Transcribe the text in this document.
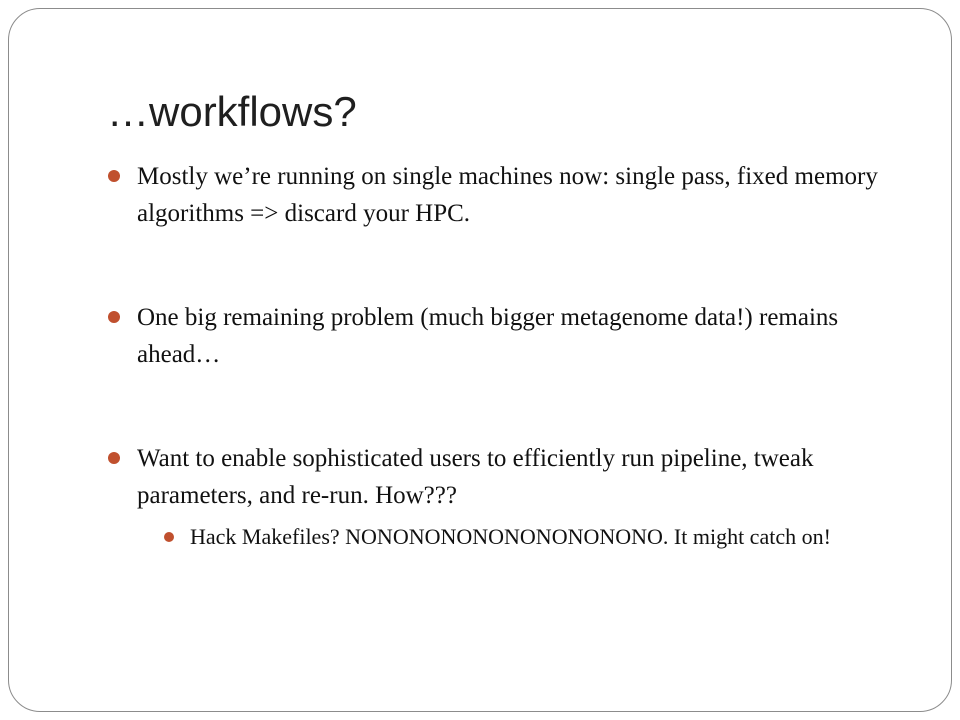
…workflows?
Mostly we’re running on single machines now: single pass, fixed memory algorithms => discard your HPC.
One big remaining problem (much bigger metagenome data!) remains ahead…
Want to enable sophisticated users to efficiently run pipeline, tweak parameters, and re-run. How???
Hack Makefiles? NONONONONONONONONONO. It might catch on!
